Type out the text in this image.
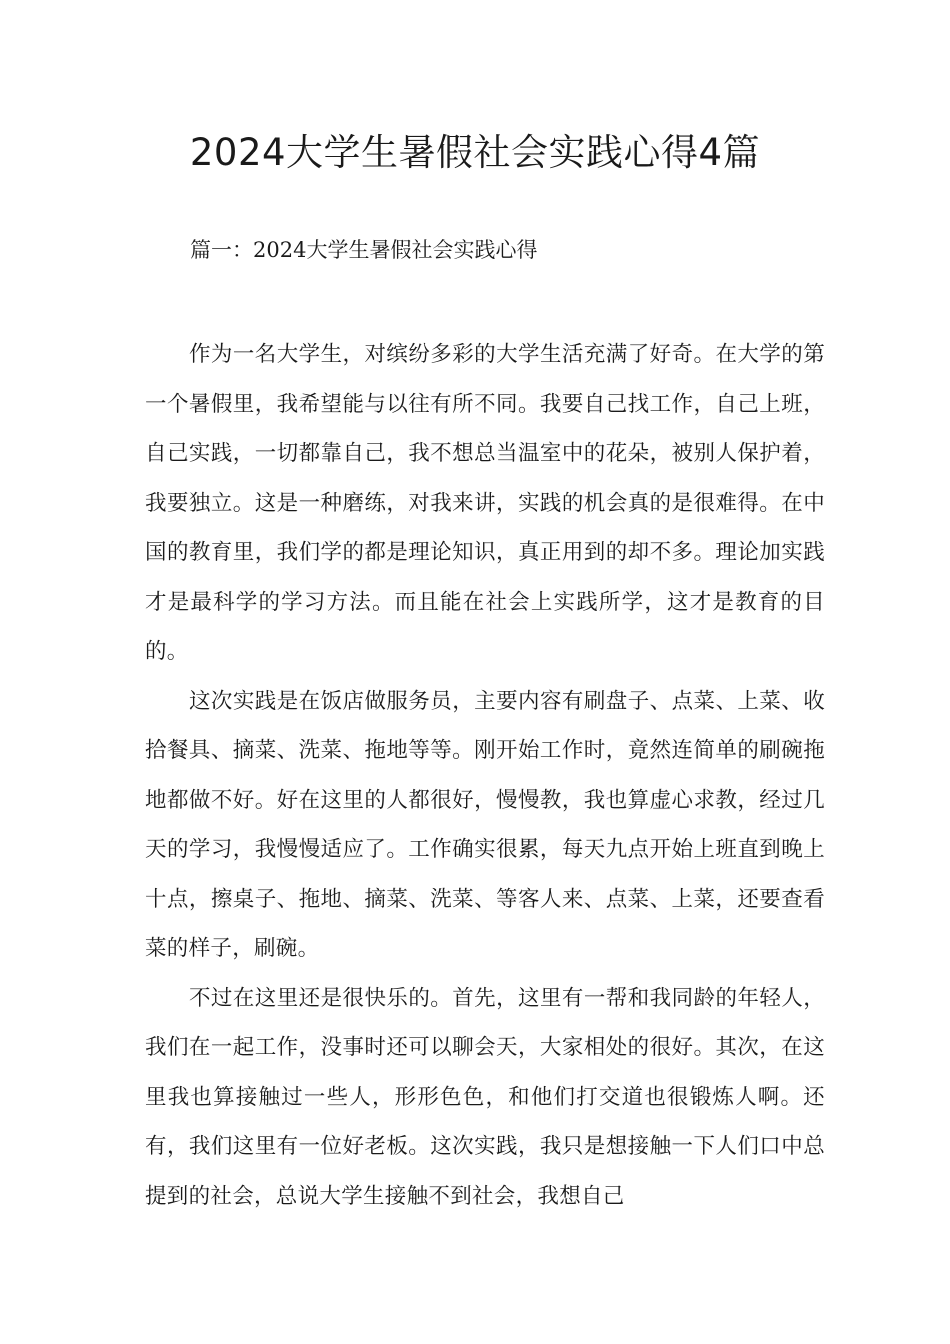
2024大学生暑假社会实践心得4篇
篇一：2024大学生暑假社会实践心得

作为一名大学生，对缤纷多彩的大学生活充满了好奇。在大学的第一个暑假里，我希望能与以往有所不同。我要自己找工作，自己上班，自己实践，一切都靠自己，我不想总当温室中的花朵，被别人保护着，我要独立。这是一种磨练，对我来讲，实践的机会真的是很难得。在中国的教育里，我们学的都是理论知识，真正用到的却不多。理论加实践才是最科学的学习方法。而且能在社会上实践所学，这才是教育的目的。

这次实践是在饭店做服务员，主要内容有刷盘子、点菜、上菜、收拾餐具、摘菜、洗菜、拖地等等。刚开始工作时，竟然连简单的刷碗拖地都做不好。好在这里的人都很好，慢慢教，我也算虚心求教，经过几天的学习，我慢慢适应了。工作确实很累，每天九点开始上班直到晚上十点，擦桌子、拖地、摘菜、洗菜、等客人来、点菜、上菜，还要查看菜的样子，刷碗。

不过在这里还是很快乐的。首先，这里有一帮和我同龄的年轻人，我们在一起工作，没事时还可以聊会天，大家相处的很好。其次，在这里我也算接触过一些人，形形色色，和他们打交道也很锻炼人啊。还有，我们这里有一位好老板。这次实践，我只是想接触一下人们口中总提到的社会，总说大学生接触不到社会，我想自己
